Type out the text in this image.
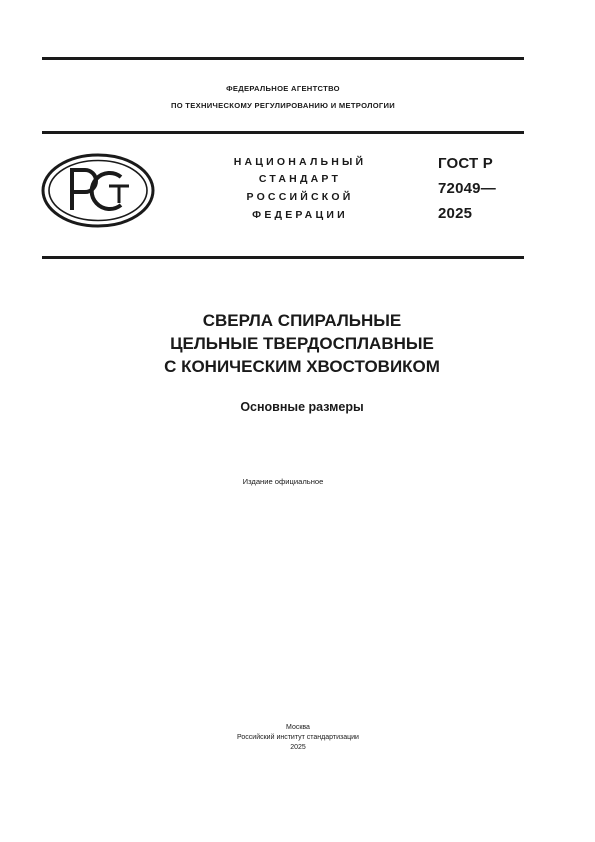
ФЕДЕРАЛЬНОЕ АГЕНТСТВО
ПО ТЕХНИЧЕСКОМУ РЕГУЛИРОВАНИЮ И МЕТРОЛОГИИ
НАЦИОНАЛЬНЫЙ
СТАНДАРТ
РОССИЙСКОЙ
ФЕДЕРАЦИИ
ГОСТ Р
72049—
2025
СВЕРЛА СПИРАЛЬНЫЕ
ЦЕЛЬНЫЕ ТВЕРДОСПЛАВНЫЕ
С КОНИЧЕСКИМ ХВОСТОВИКОМ
Основные размеры
Издание официальное
Москва
Российский институт стандартизации
2025
